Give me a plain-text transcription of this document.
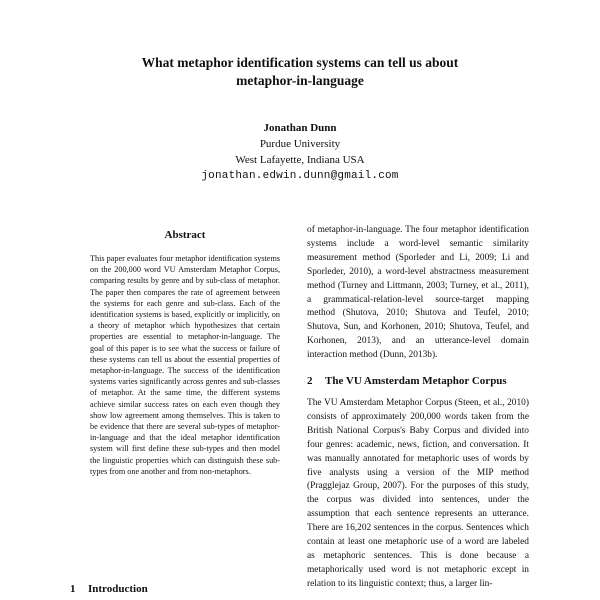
What metaphor identification systems can tell us about
metaphor-in-language
Jonathan Dunn
Purdue University
West Lafayette, Indiana USA
jonathan.edwin.dunn@gmail.com
Abstract
This paper evaluates four metaphor identification systems on the 200,000 word VU Amsterdam Metaphor Corpus, comparing results by genre and by sub-class of metaphor. The paper then compares the rate of agreement between the systems for each genre and sub-class. Each of the identification systems is based, explicitly or implicitly, on a theory of metaphor which hypothesizes that certain properties are essential to metaphor-in-language. The goal of this paper is to see what the success or failure of these systems can tell us about the essential properties of metaphor-in-language. The success of the identification systems varies significantly across genres and sub-classes of metaphor. At the same time, the different systems achieve similar success rates on each even though they show low agreement among themselves. This is taken to be evidence that there are several sub-types of metaphor-in-language and that the ideal metaphor identification system will first define these sub-types and then model the linguistic properties which can distinguish these sub-types from one another and from non-metaphors.
1 Introduction

of metaphor-in-language. The four metaphor identification systems include a word-level semantic similarity measurement method (Sporleder and Li, 2009; Li and Sporleder, 2010), a word-level abstractness measurement method (Turney and Littmann, 2003; Turney, et al., 2011), a grammatical-relation-level source-target mapping method (Shutova, 2010; Shutova and Teufel, 2010; Shutova, Sun, and Korhonen, 2010; Shutova, Teufel, and Korhonen, 2013), and an utterance-level domain interaction method (Dunn, 2013b).

2 The VU Amsterdam Metaphor Corpus

The VU Amsterdam Metaphor Corpus (Steen, et al., 2010) consists of approximately 200,000 words taken from the British National Corpus's Baby Corpus and divided into four genres: academic, news, fiction, and conversation. It was manually annotated for metaphoric uses of words by five analysts using a version of the MIP method (Pragglejaz Group, 2007). For the purposes of this study, the corpus was divided into sentences, under the assumption that each sentence represents an utterance. There are 16,202 sentences in the corpus. Sentences which contain at least one metaphoric use of a word are labeled as metaphoric sentences. This is done because a metaphorically used word is not metaphoric except in relation to its linguistic context; thus, a larger lin-
